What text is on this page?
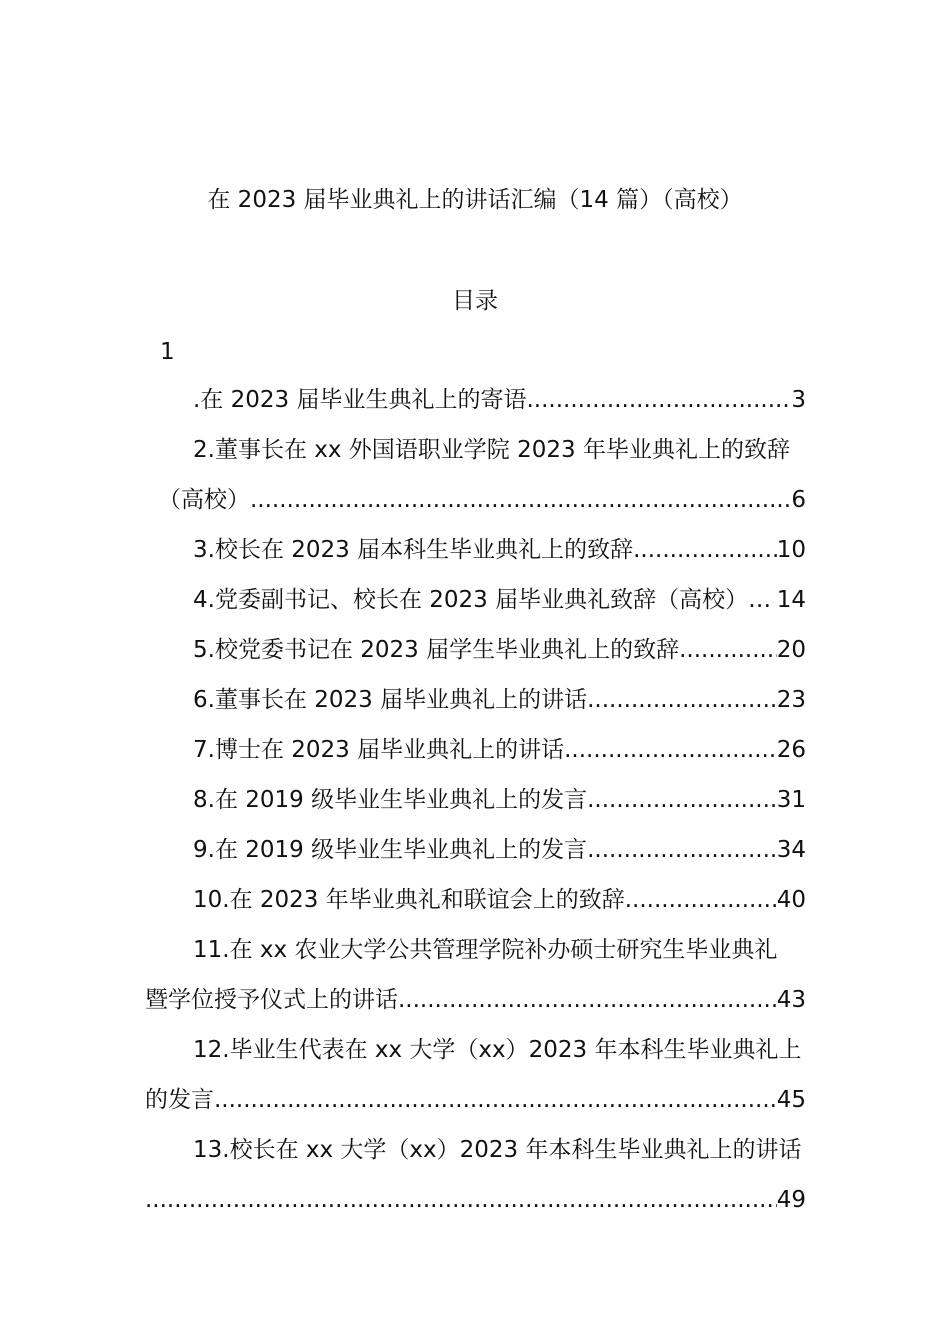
在 2023 届毕业典礼上的讲话汇编（14 篇）（高校）
目录
1
.在 2023 届毕业生典礼上的寄语 .....	3
2.董事长在 xx 外国语职业学院 2023 年毕业典礼上的致辞
（高校） .....	6
3.校长在 2023 届本科生毕业典礼上的致辞 .....	10
4.党委副书记、校长在 2023 届毕业典礼致辞（高校）… 14
5.校党委书记在 2023 届学生毕业典礼上的致辞 .....	20
6.董事长在 2023 届毕业典礼上的讲话 .....	23
7.博士在 2023 届毕业典礼上的讲话 .....	26
8.在 2019 级毕业生毕业典礼上的发言 .....	31
9.在 2019 级毕业生毕业典礼上的发言 .....	34
10.在 2023 年毕业典礼和联谊会上的致辞 .....	40
11.在 xx 农业大学公共管理学院补办硕士研究生毕业典礼
暨学位授予仪式上的讲话 .....	43
12.毕业生代表在 xx 大学（xx）2023 年本科生毕业典礼上
的发言 .....	45
13.校长在 xx 大学（xx）2023 年本科生毕业典礼上的讲话
.....
49
